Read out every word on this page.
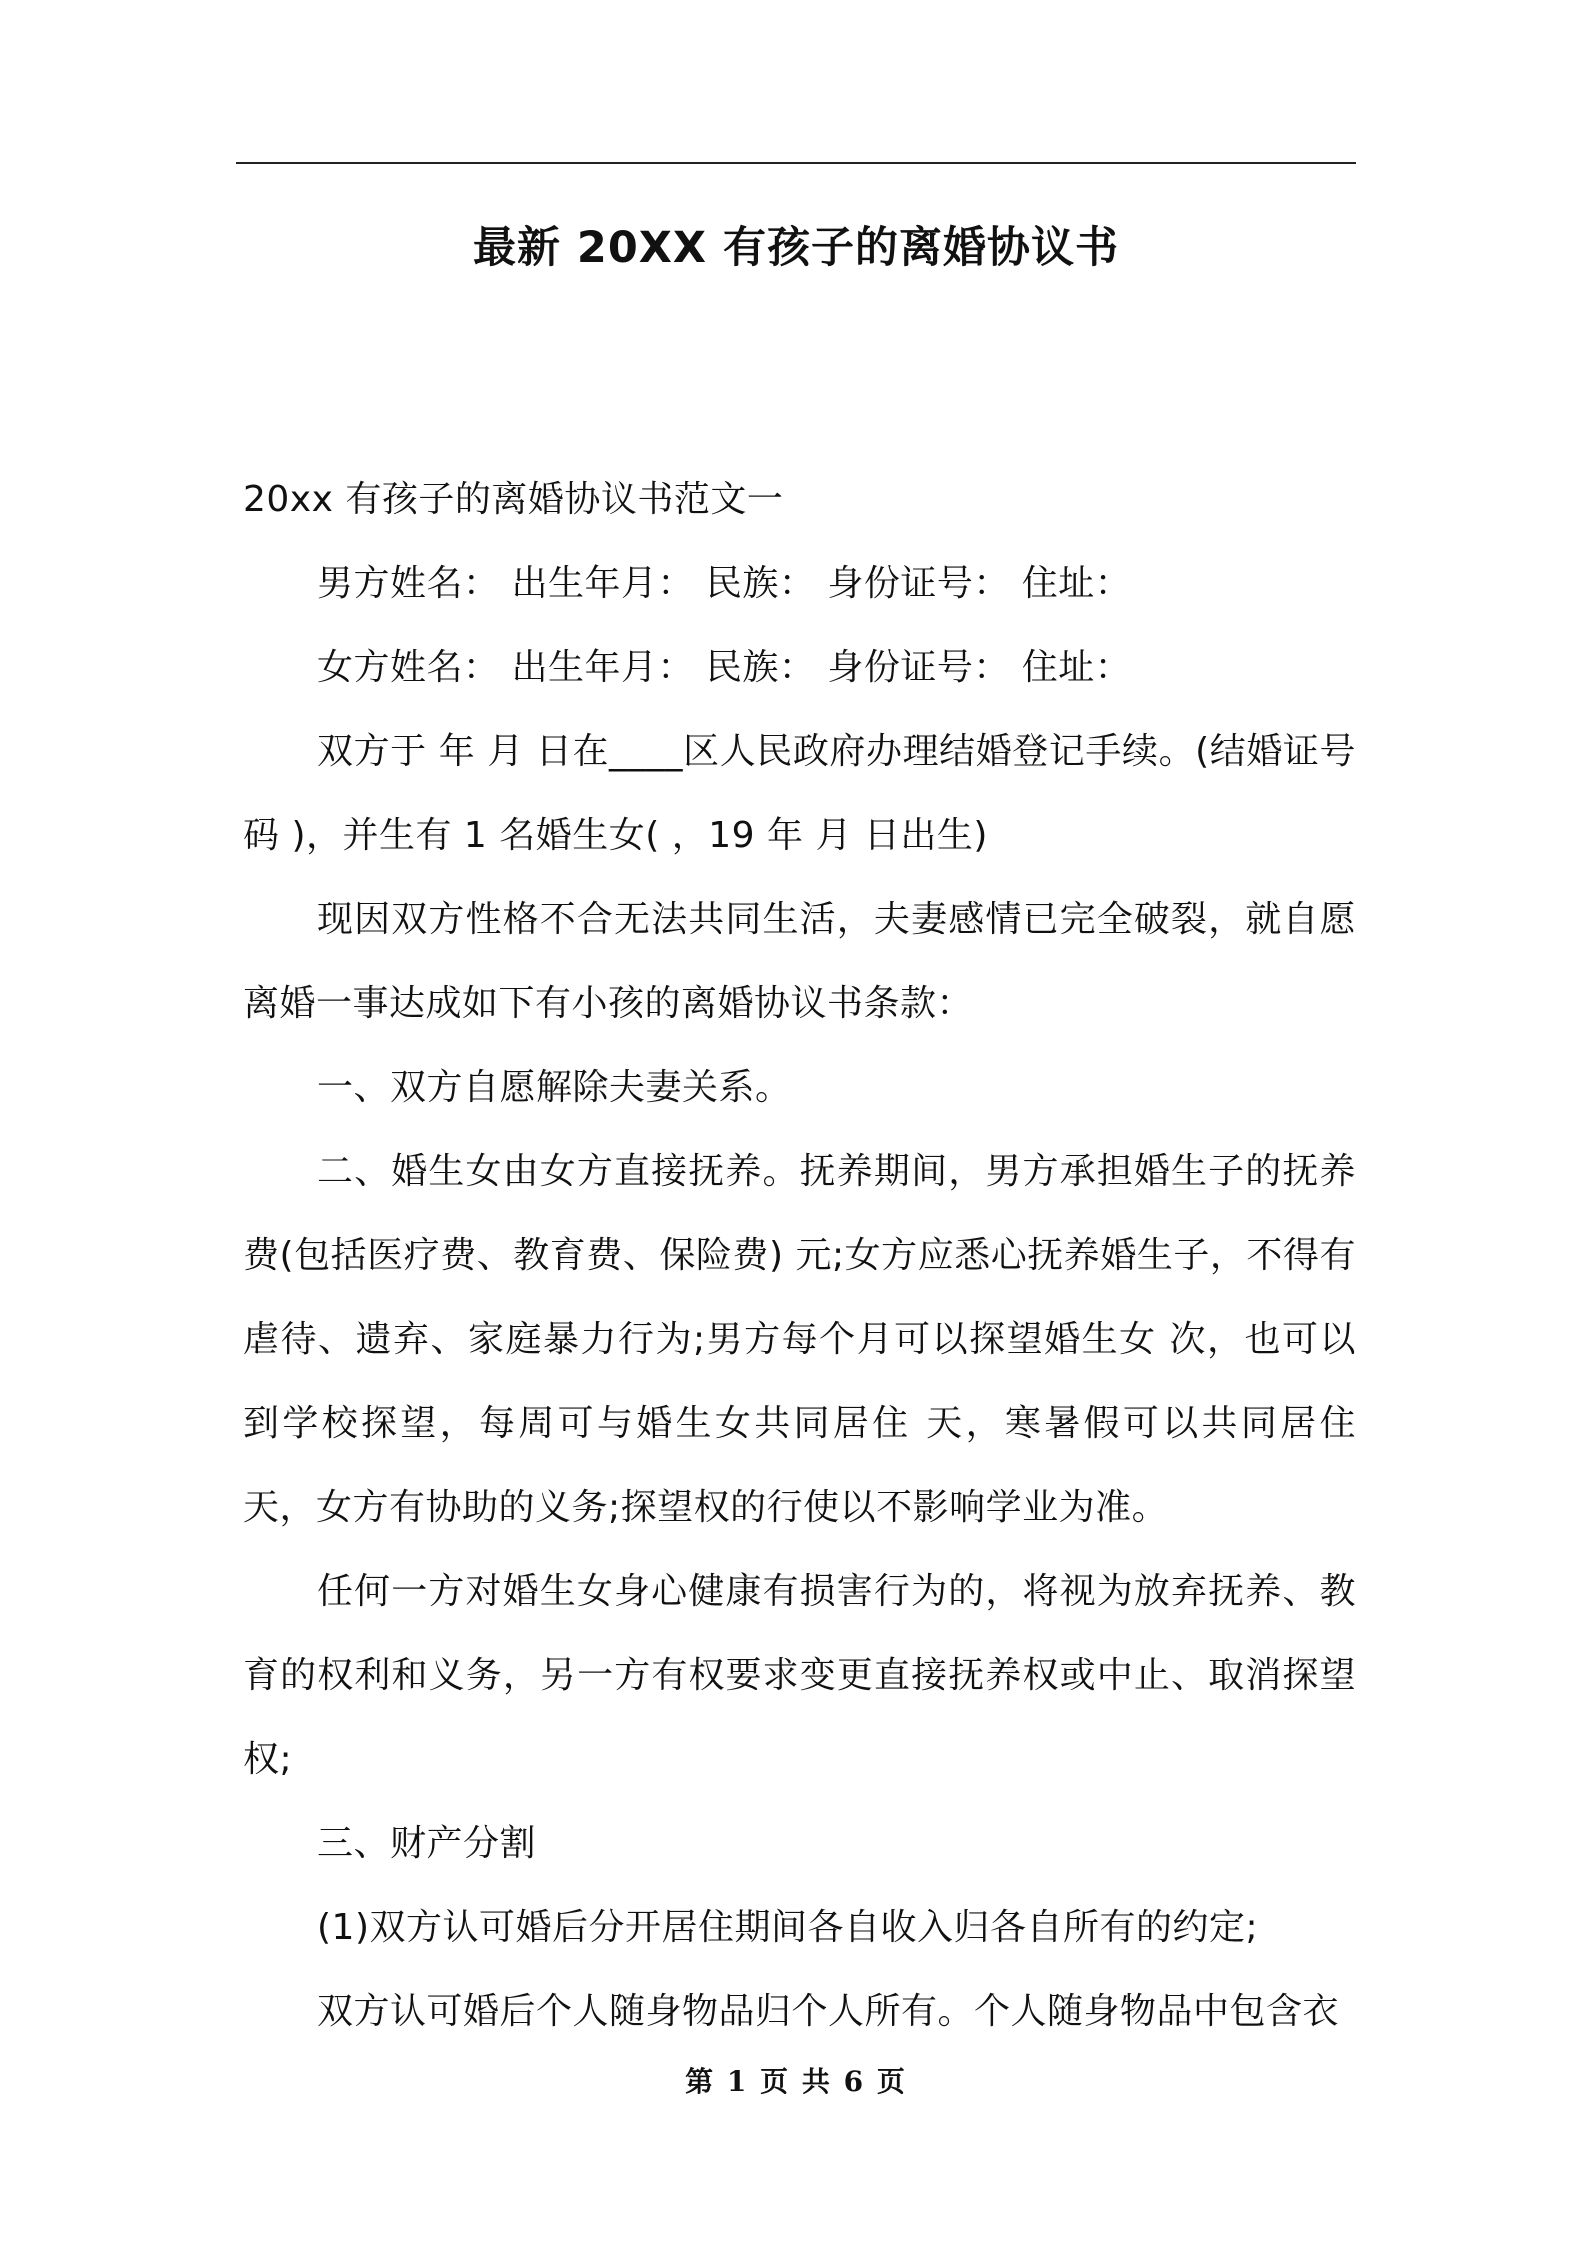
最新 20XX 有孩子的离婚协议书

20xx 有孩子的离婚协议书范文一

男方姓名： 出生年月： 民族： 身份证号： 住址：

女方姓名： 出生年月： 民族： 身份证号： 住址：

双方于 年 月 日在____区人民政府办理结婚登记手续。(结婚证号码 )，并生有 1 名婚生女( ，19 年 月 日出生)

现因双方性格不合无法共同生活，夫妻感情已完全破裂，就自愿离婚一事达成如下有小孩的离婚协议书条款：

一、双方自愿解除夫妻关系。

二、婚生女由女方直接抚养。抚养期间，男方承担婚生子的抚养费(包括医疗费、教育费、保险费) 元;女方应悉心抚养婚生子，不得有虐待、遗弃、家庭暴力行为;男方每个月可以探望婚生女 次，也可以到学校探望，每周可与婚生女共同居住 天，寒暑假可以共同居住 天，女方有协助的义务;探望权的行使以不影响学业为准。

任何一方对婚生女身心健康有损害行为的，将视为放弃抚养、教育的权利和义务，另一方有权要求变更直接抚养权或中止、取消探望权;

三、财产分割

(1)双方认可婚后分开居住期间各自收入归各自所有的约定;

双方认可婚后个人随身物品归个人所有。个人随身物品中包含衣

第 1 页 共 6 页
